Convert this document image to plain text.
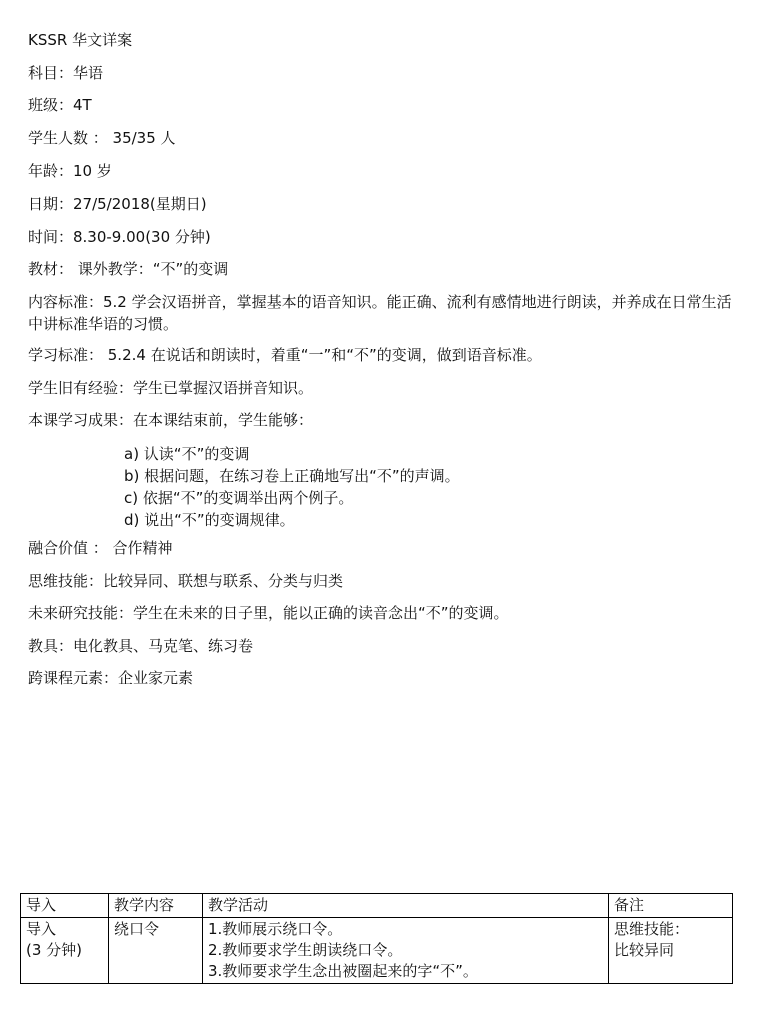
KSSR 华文详案
科目：华语
班级：4T
学生人数 ： 35/35 人
年龄：10 岁
日期：27/5/2018(星期日)
时间：8.30-9.00(30 分钟)
教材： 课外教学：“不”的变调
内容标准：5.2 学会汉语拼音，掌握基本的语音知识。能正确、流利有感情地进行朗读，并养成在日常生活中讲标准华语的习惯。
学习标准： 5.2.4 在说话和朗读时，着重“一”和“不”的变调，做到语音标准。
学生旧有经验：学生已掌握汉语拼音知识。
本课学习成果：在本课结束前，学生能够：
a) 认读“不”的变调
b) 根据问题，在练习卷上正确地写出“不”的声调。
c) 依据“不”的变调举出两个例子。
d) 说出“不”的变调规律。
融合价值 ： 合作精神
思维技能：比较异同、联想与联系、分类与归类
未来研究技能：学生在未来的日子里，能以正确的读音念出“不”的变调。
教具：电化教具、马克笔、练习卷
跨课程元素：企业家元素
导入	教学内容	教学活动	备注
导入
(3 分钟)	绕口令	1.教师展示绕口令。
2.教师要求学生朗读绕口令。
3.教师要求学生念出被圈起来的字“不”。	思维技能：
比较异同
